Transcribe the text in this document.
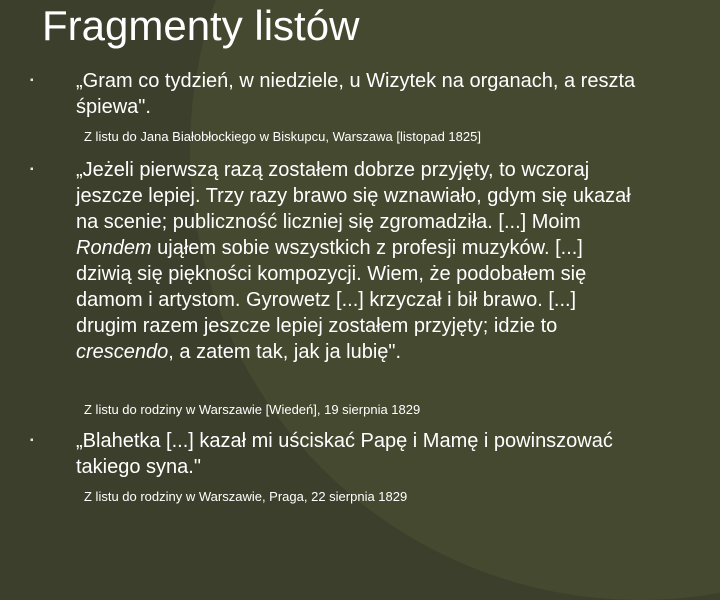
Fragmenty listów
▪ „Gram co tydzień, w niedziele, u Wizytek na organach, a reszta śpiewa".
Z listu do Jana Białobłockiego w Biskupcu, Warszawa [listopad 1825]
▪ „Jeżeli pierwszą razą zostałem dobrze przyjęty, to wczoraj jeszcze lepiej. Trzy razy brawo się wznawiało, gdym się ukazał na scenie; publiczność liczniej się zgromadziła. [...] Moim Rondem ująłem sobie wszystkich z profesji muzyków. [...] dziwią się piękności kompozycji. Wiem, że podobałem się damom i artystom. Gyrowetz [...] krzyczał i bił brawo. [...] drugim razem jeszcze lepiej zostałem przyjęty; idzie to crescendo, a zatem tak, jak ja lubię".
Z listu do rodziny w Warszawie [Wiedeń], 19 sierpnia 1829
▪ „Blahetka [...] kazał mi uściskać Papę i Mamę i powinszować takiego syna."
Z listu do rodziny w Warszawie, Praga, 22 sierpnia 1829
